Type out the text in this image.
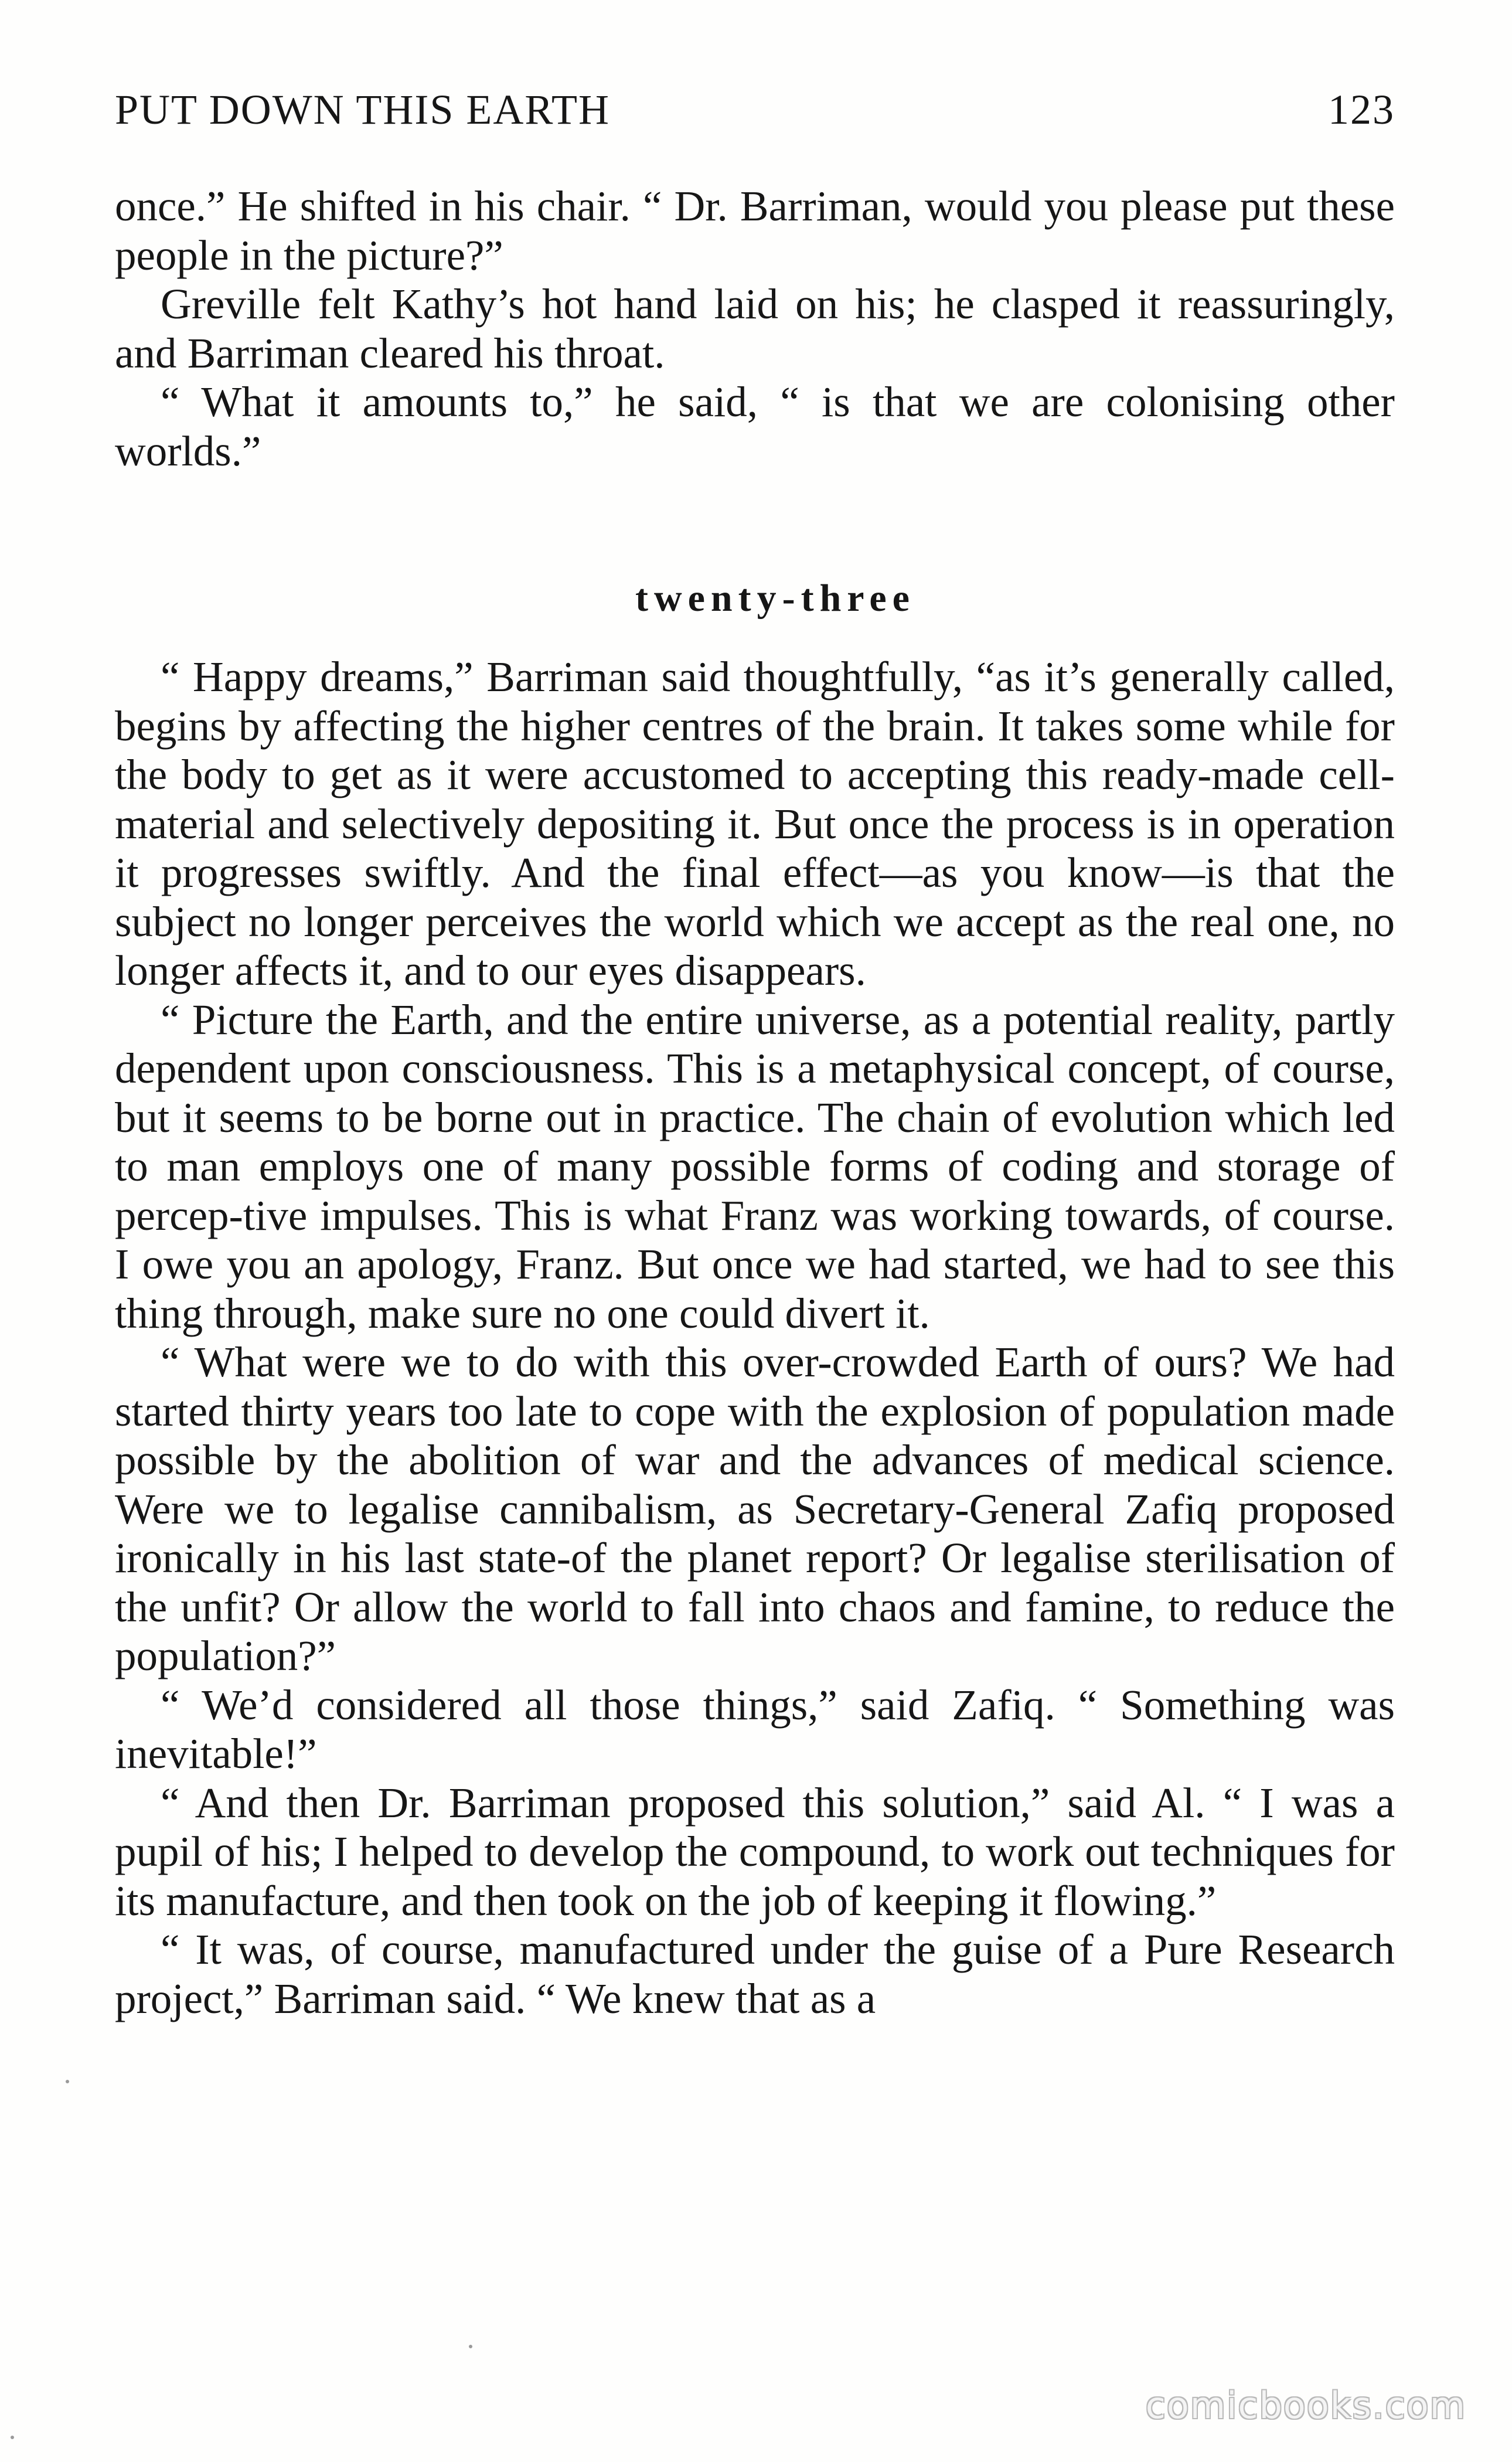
PUT DOWN THIS EARTH	123

once.” He shifted in his chair. “ Dr. Barriman, would you please put these people in the picture?”

Greville felt Kathy’s hot hand laid on his; he clasped it reassuringly, and Barriman cleared his throat.

“ What it amounts to,” he said, “ is that we are colonising other worlds.”

twenty-three

“ Happy dreams,” Barriman said thoughtfully, “as it’s generally called, begins by affecting the higher centres of the brain. It takes some while for the body to get as it were accustomed to accepting this ready-made cell-material and selectively depositing it. But once the process is in operation it progresses swiftly. And the final effect—as you know—is that the subject no longer perceives the world which we accept as the real one, no longer affects it, and to our eyes disappears.

“ Picture the Earth, and the entire universe, as a potential reality, partly dependent upon consciousness. This is a metaphysical concept, of course, but it seems to be borne out in practice. The chain of evolution which led to man employs one of many possible forms of coding and storage of percep-tive impulses. This is what Franz was working towards, of course. I owe you an apology, Franz. But once we had started, we had to see this thing through, make sure no one could divert it.

“ What were we to do with this over-crowded Earth of ours? We had started thirty years too late to cope with the explosion of population made possible by the abolition of war and the advances of medical science. Were we to legalise cannibalism, as Secretary-General Zafiq proposed ironically in his last state-of the planet report? Or legalise sterilisation of the unfit? Or allow the world to fall into chaos and famine, to reduce the population?”

“ We’d considered all those things,” said Zafiq. “ Something was inevitable!”

“ And then Dr. Barriman proposed this solution,” said Al. “ I was a pupil of his; I helped to develop the compound, to work out techniques for its manufacture, and then took on the job of keeping it flowing.”

“ It was, of course, manufactured under the guise of a Pure Research project,” Barriman said. “ We knew that as a

comicbooks.com
